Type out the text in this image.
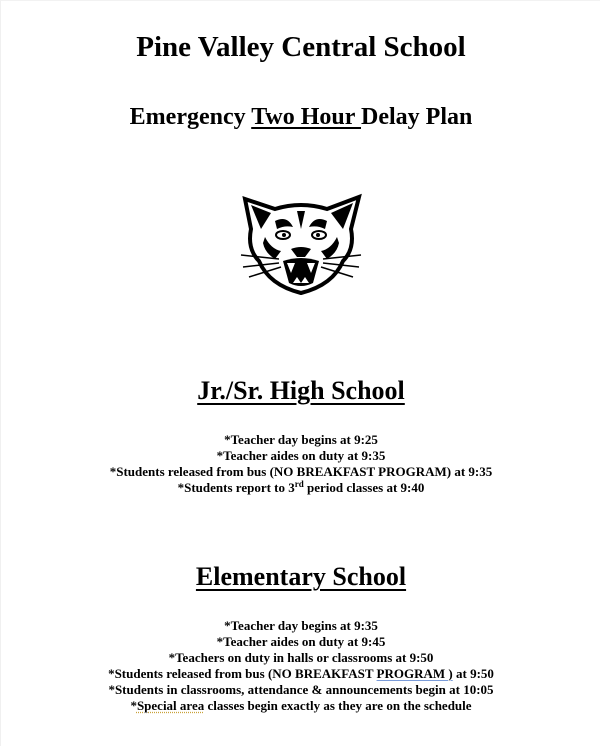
Pine Valley Central School
Emergency Two Hour Delay Plan
Jr./Sr. High School
*Teacher day begins at 9:25
*Teacher aides on duty at 9:35
*Students released from bus (NO BREAKFAST PROGRAM) at 9:35
*Students report to 3rd period classes at 9:40
Elementary School
*Teacher day begins at 9:35
*Teacher aides on duty at 9:45
*Teachers on duty in halls or classrooms at 9:50
*Students released from bus (NO BREAKFAST PROGRAM ) at 9:50
*Students in classrooms, attendance & announcements begin at 10:05
*Special area classes begin exactly as they are on the schedule
